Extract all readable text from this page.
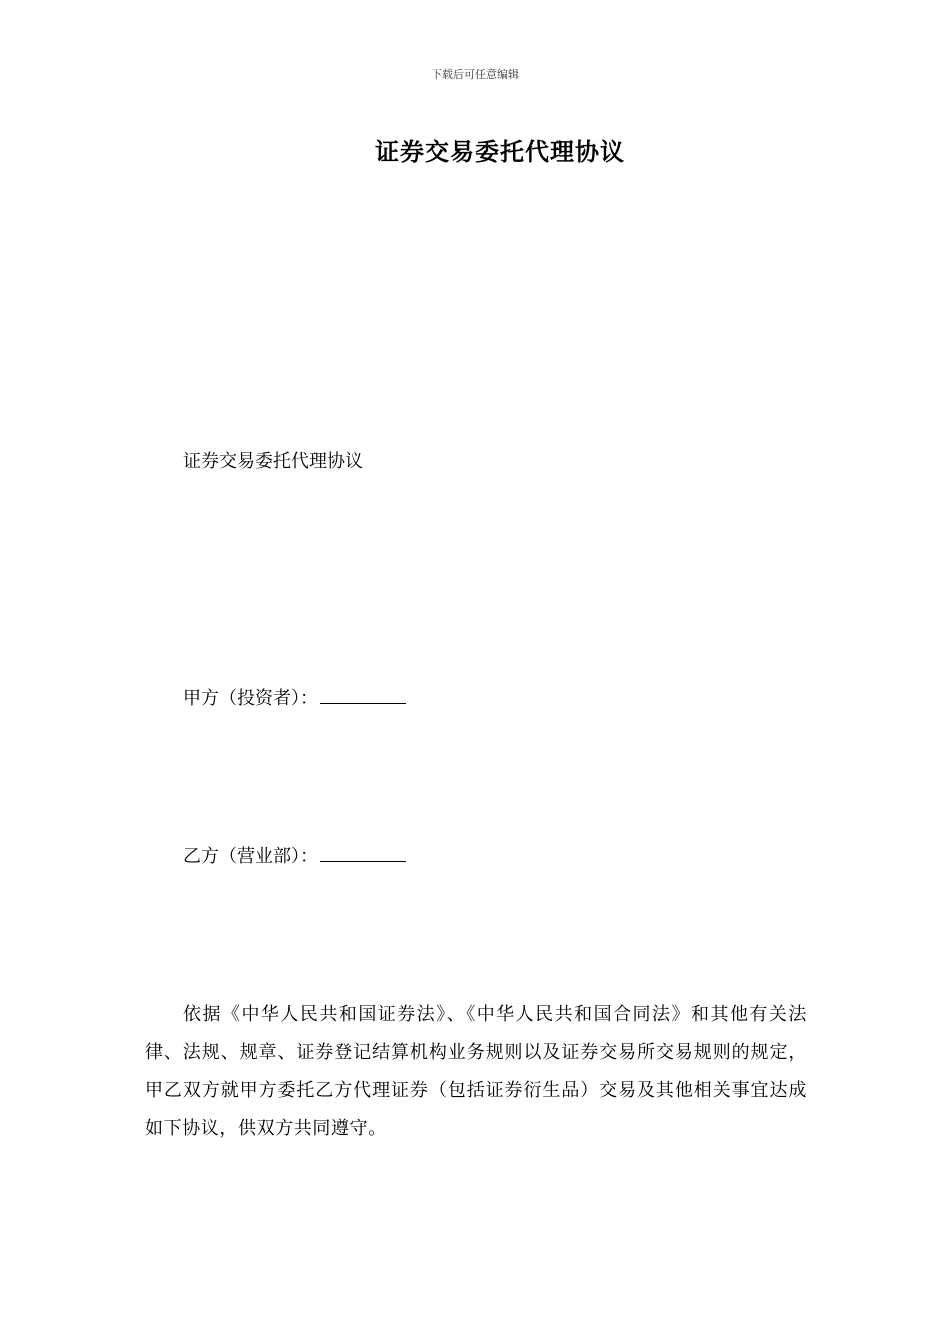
下载后可任意编辑
证券交易委托代理协议
证券交易委托代理协议
甲方（投资者）：
乙方（营业部）：
依据《中华人民共和国证券法》、《中华人民共和国合同法》和其他有关法律、法规、规章、证券登记结算机构业务规则以及证券交易所交易规则的规定，甲乙双方就甲方委托乙方代理证券（包括证券衍生品）交易及其他相关事宜达成如下协议，供双方共同遵守。
